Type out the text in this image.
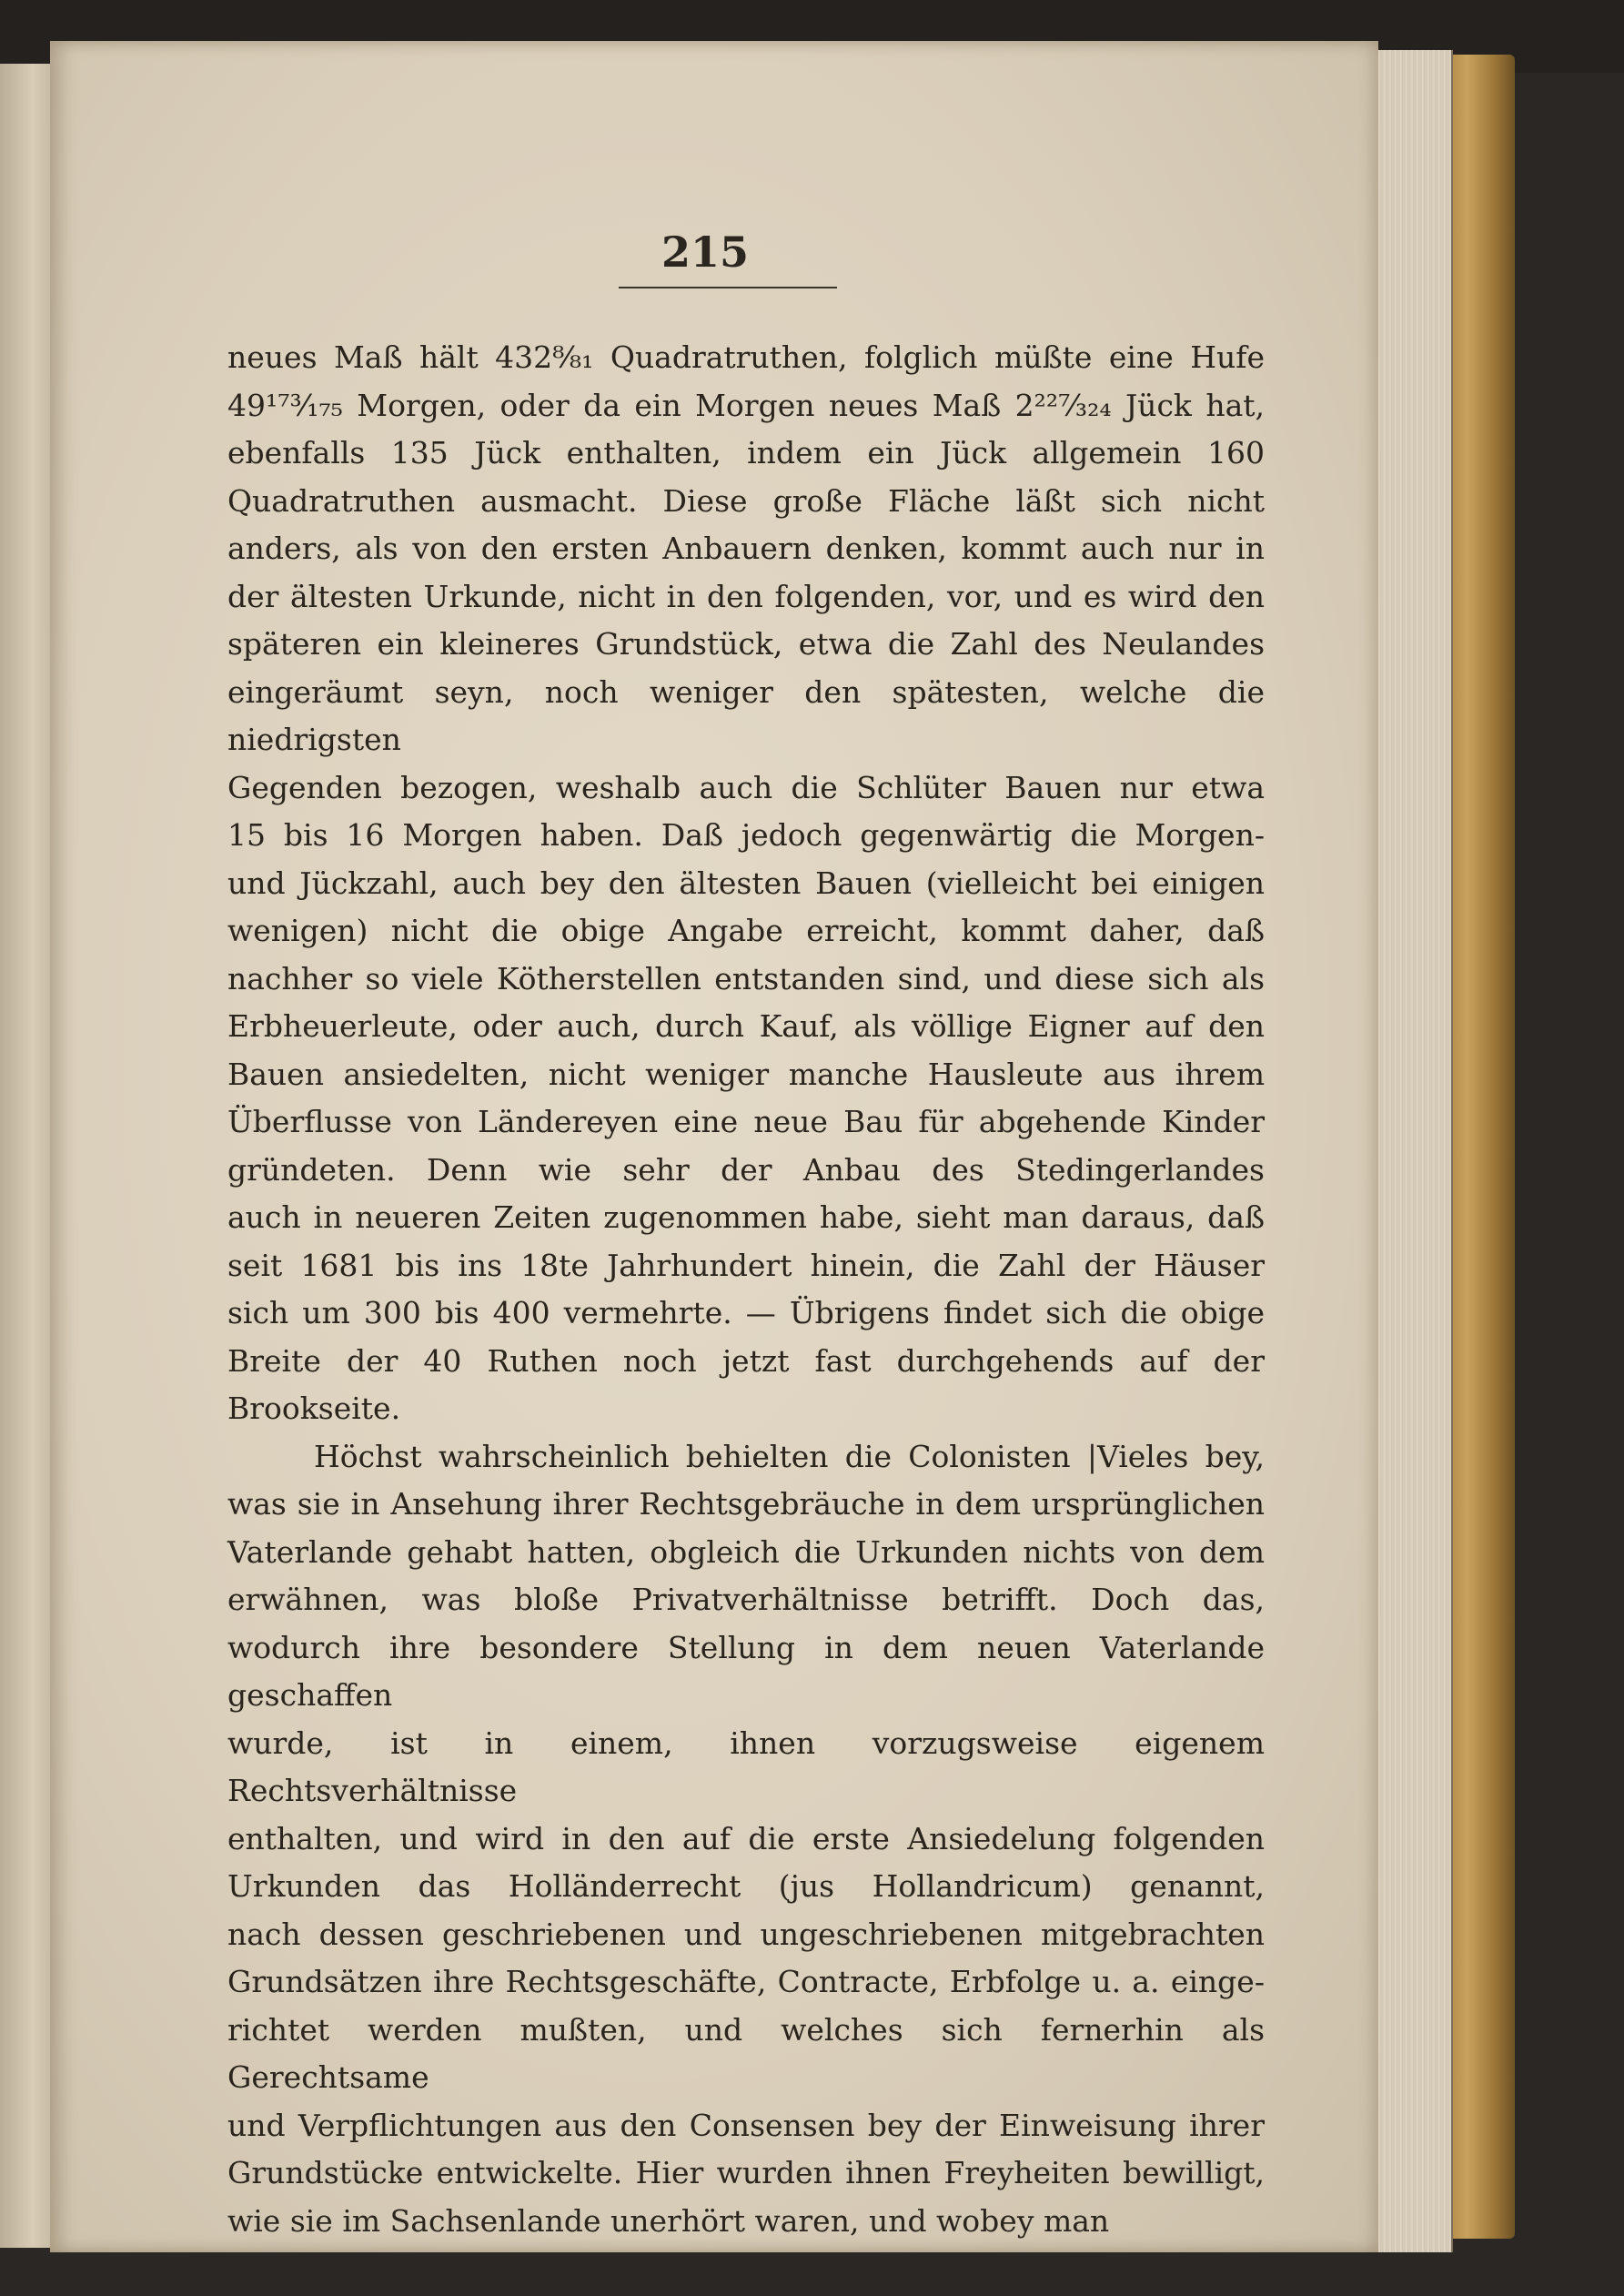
215

neues Maß hält 432⁸⁄₈₁ Quadratruthen, folglich müßte eine Hufe

49¹⁷³⁄₁₇₅ Morgen, oder da ein Morgen neues Maß 2²²⁷⁄₃₂₄ Jück hat,

ebenfalls 135 Jück enthalten, indem ein Jück allgemein 160

Quadratruthen ausmacht. Diese große Fläche läßt sich nicht

anders, als von den ersten Anbauern denken, kommt auch nur in

der ältesten Urkunde, nicht in den folgenden, vor, und es wird den

späteren ein kleineres Grundstück, etwa die Zahl des Neulandes

eingeräumt seyn, noch weniger den spätesten, welche die niedrigsten

Gegenden bezogen, weshalb auch die Schlüter Bauen nur etwa

15 bis 16 Morgen haben. Daß jedoch gegenwärtig die Morgen-

und Jückzahl, auch bey den ältesten Bauen (vielleicht bei einigen

wenigen) nicht die obige Angabe erreicht, kommt daher, daß

nachher so viele Kötherstellen entstanden sind, und diese sich als

Erbheuerleute, oder auch, durch Kauf, als völlige Eigner auf den

Bauen ansiedelten, nicht weniger manche Hausleute aus ihrem

Überflusse von Ländereyen eine neue Bau für abgehende Kinder

gründeten. Denn wie sehr der Anbau des Stedingerlandes

auch in neueren Zeiten zugenommen habe, sieht man daraus, daß

seit 1681 bis ins 18te Jahrhundert hinein, die Zahl der Häuser

sich um 300 bis 400 vermehrte. — Übrigens findet sich die obige

Breite der 40 Ruthen noch jetzt fast durchgehends auf der

Brookseite.

Höchst wahrscheinlich behielten die Colonisten |Vieles bey,

was sie in Ansehung ihrer Rechtsgebräuche in dem ursprünglichen

Vaterlande gehabt hatten, obgleich die Urkunden nichts von dem

erwähnen, was bloße Privatverhältnisse betrifft. Doch das,

wodurch ihre besondere Stellung in dem neuen Vaterlande geschaffen

wurde, ist in einem, ihnen vorzugsweise eigenem Rechtsverhältnisse

enthalten, und wird in den auf die erste Ansiedelung folgenden

Urkunden das Holländerrecht (jus Hollandricum) genannt,

nach dessen geschriebenen und ungeschriebenen mitgebrachten

Grundsätzen ihre Rechtsgeschäfte, Contracte, Erbfolge u. a. einge-

richtet werden mußten, und welches sich fernerhin als Gerechtsame

und Verpflichtungen aus den Consensen bey der Einweisung ihrer

Grundstücke entwickelte. Hier wurden ihnen Freyheiten bewilligt,

wie sie im Sachsenlande unerhört waren, und wobey man
